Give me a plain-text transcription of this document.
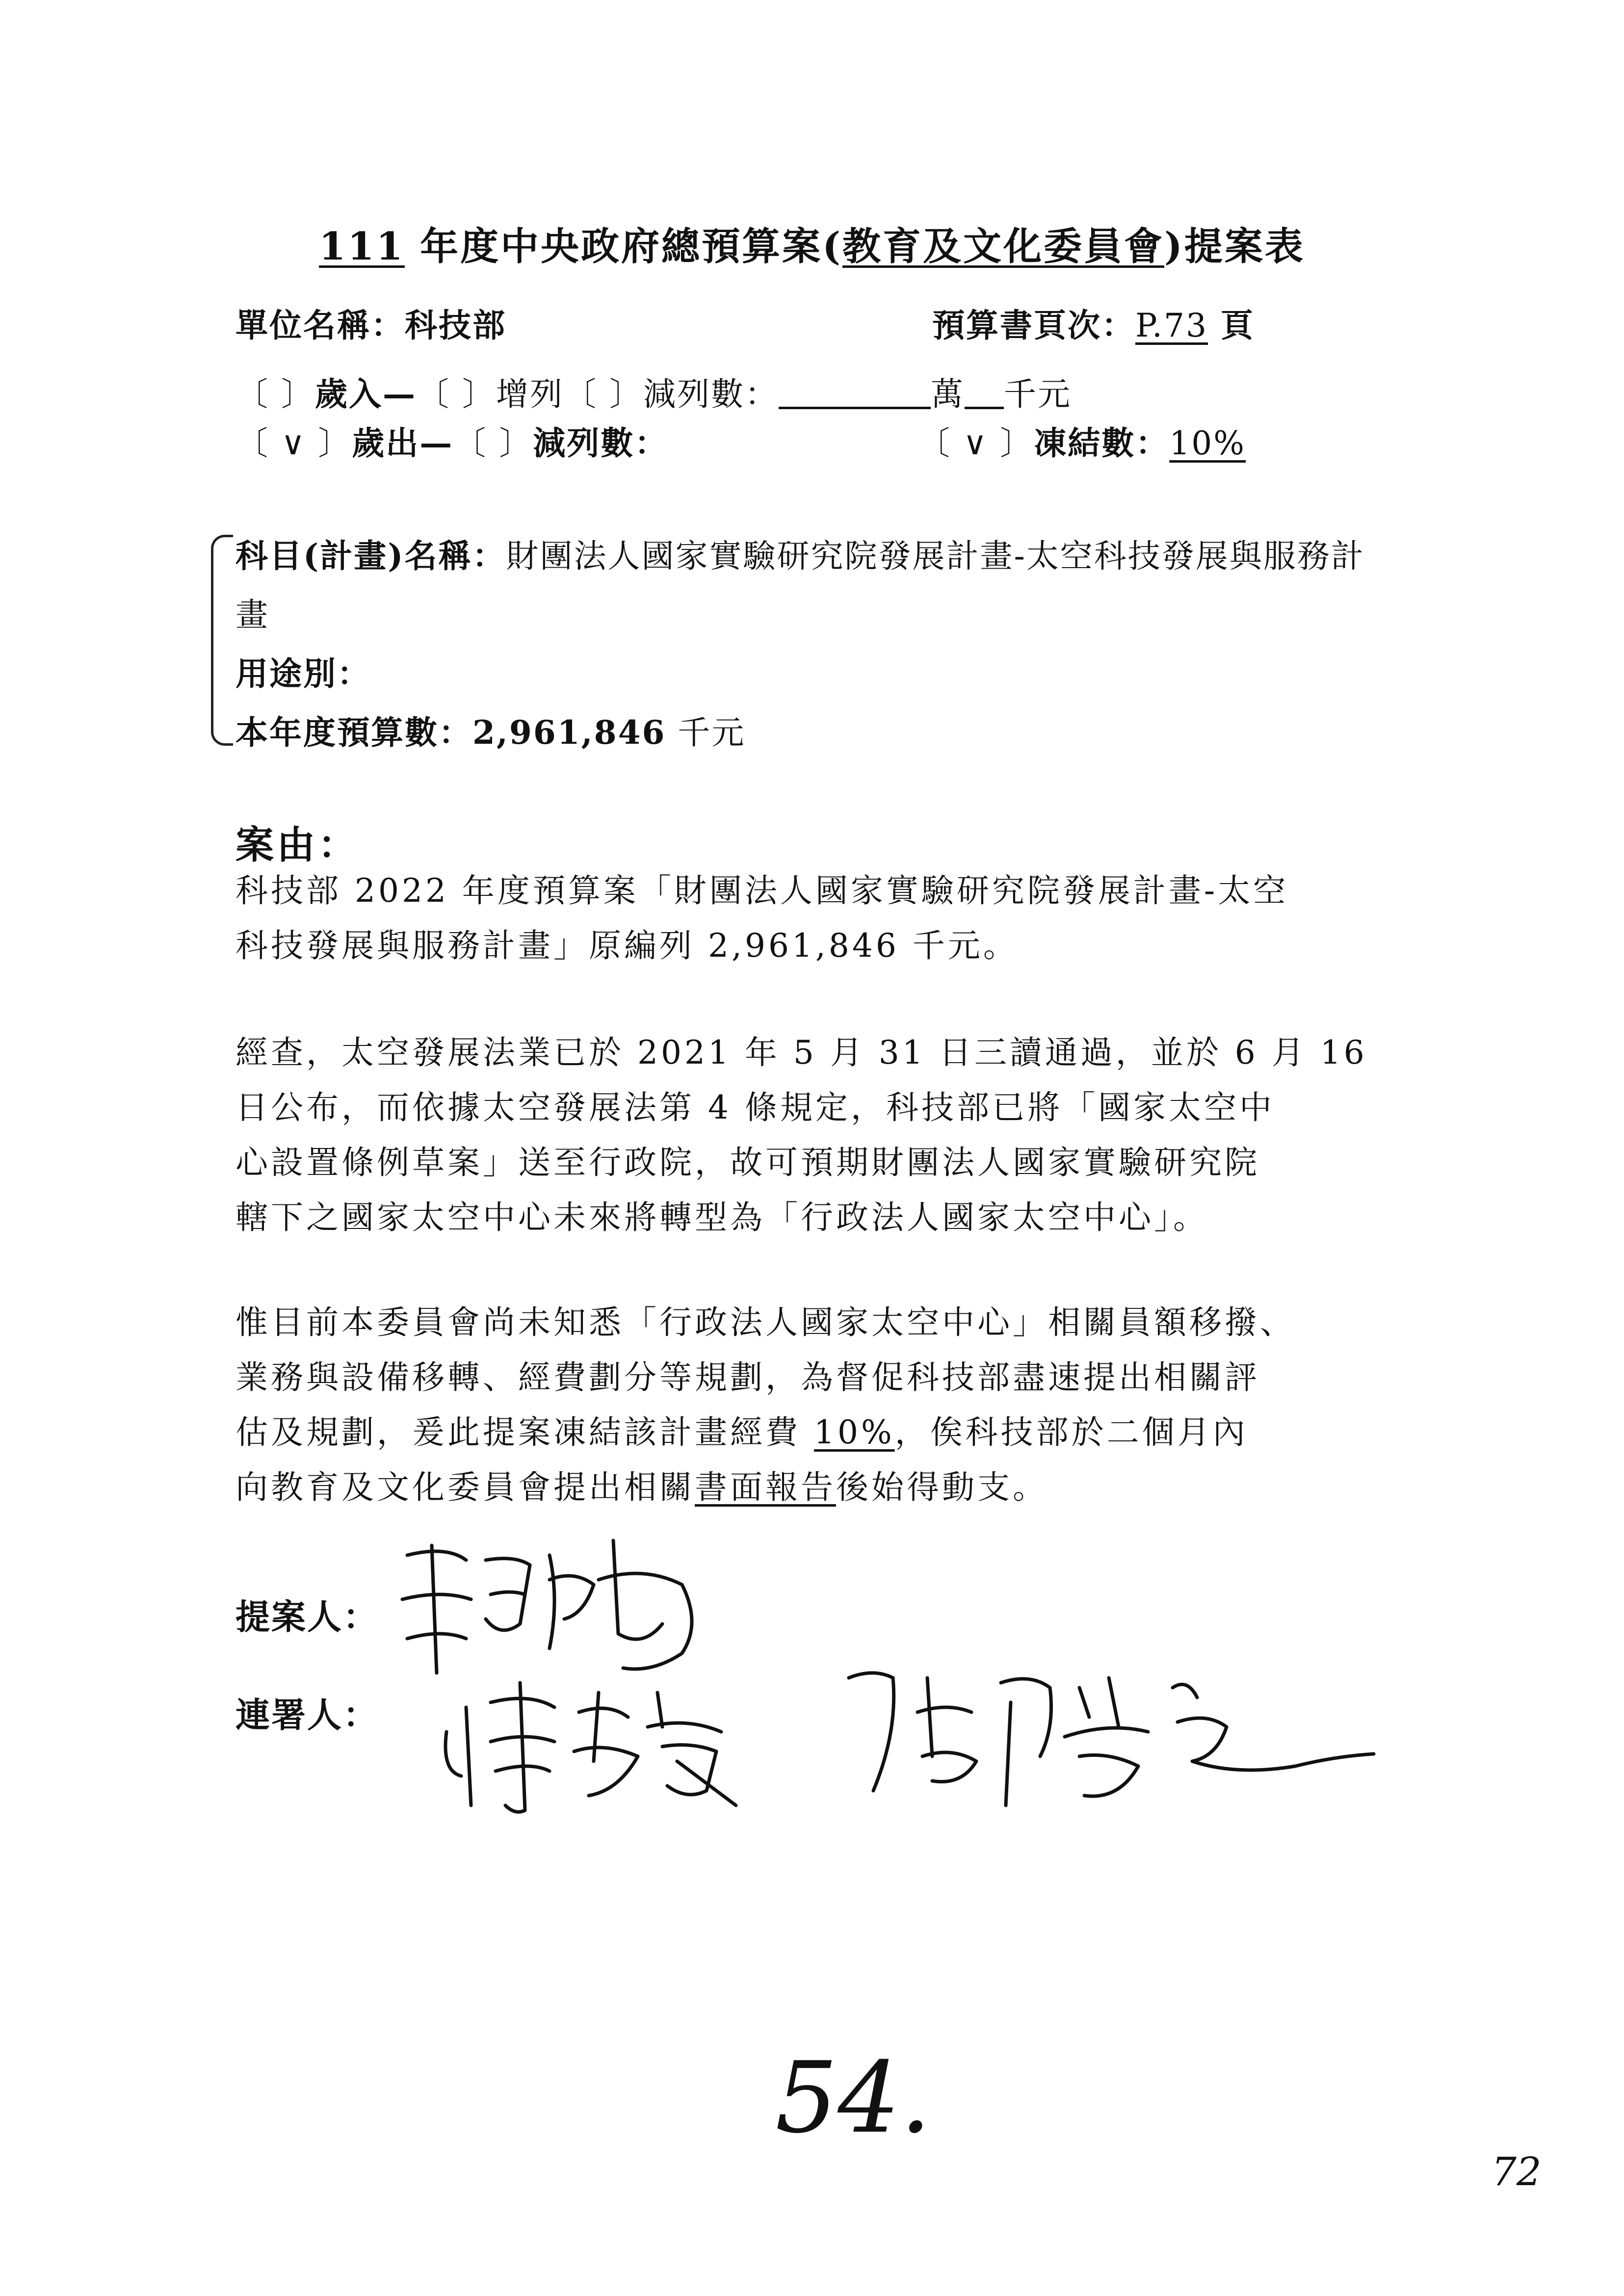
111 年度中央政府總預算案(教育及文化委員會)提案表
單位名稱：科技部	預算書頁次：P.73 頁
〔 〕歲入—〔 〕增列〔 〕減列數：	萬 千元
〔 ∨ 〕歲出—〔 〕減列數：	〔 ∨ 〕凍結數：10%
科目(計畫)名稱：財團法人國家實驗研究院發展計畫-太空科技發展與服務計
畫
用途別：
本年度預算數：2,961,846 千元
案由：
科技部 2022 年度預算案「財團法人國家實驗研究院發展計畫-太空
科技發展與服務計畫」原編列 2,961,846 千元。
經查，太空發展法業已於 2021 年 5 月 31 日三讀通過，並於 6 月 16
日公布，而依據太空發展法第 4 條規定，科技部已將「國家太空中
心設置條例草案」送至行政院，故可預期財團法人國家實驗研究院
轄下之國家太空中心未來將轉型為「行政法人國家太空中心」。
惟目前本委員會尚未知悉「行政法人國家太空中心」相關員額移撥、
業務與設備移轉、經費劃分等規劃，為督促科技部盡速提出相關評
估及規劃，爰此提案凍結該計畫經費 10%，俟科技部於二個月內
向教育及文化委員會提出相關書面報告後始得動支。
提案人：
連署人：
54.
72
